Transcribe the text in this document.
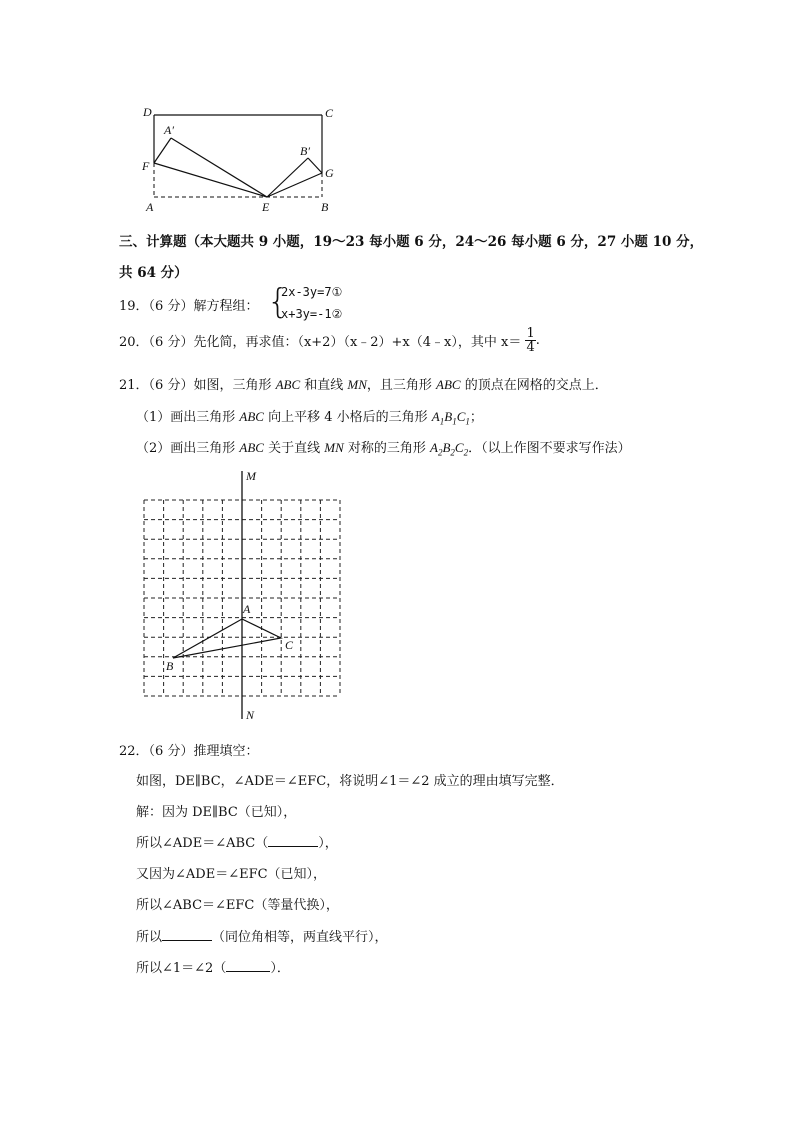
D	C
A′
B′
F	G
A	E	B
三、计算题（本大题共 9 小题，19～23 每小题 6 分，24～26 每小题 6 分，27 小题 10 分，
共 64 分）
19．（6 分）解方程组： {
2x-3y=7①
x+3y=-1②
20．（6 分）先化简，再求值：（x+2）（x﹣2）+x（4﹣x），其中 $x= \frac{1}{4}$ .
21．（6 分）如图，三角形 ABC 和直线 MN，且三角形 ABC 的顶点在网格的交点上．
（1）画出三角形 ABC 向上平移 4 小格后的三角形 $A_1B_1C_1$；
（2）画出三角形 ABC 关于直线 MN 对称的三角形 $A_2B_2C_2$．（以上作图不要求写作法）
M
N
A
B
C
22．（6 分）推理填空：
如图，DE∥BC，∠ADE＝∠EFC，将说明∠1＝∠2 成立的理由填写完整．
解：因为 DE∥BC（已知），
所以∠ADE＝∠ABC（	），
又因为∠ADE＝∠EFC（已知），
所以∠ABC＝∠EFC（等量代换），
所以	（同位角相等，两直线平行），
所以∠1＝∠2（	）．
